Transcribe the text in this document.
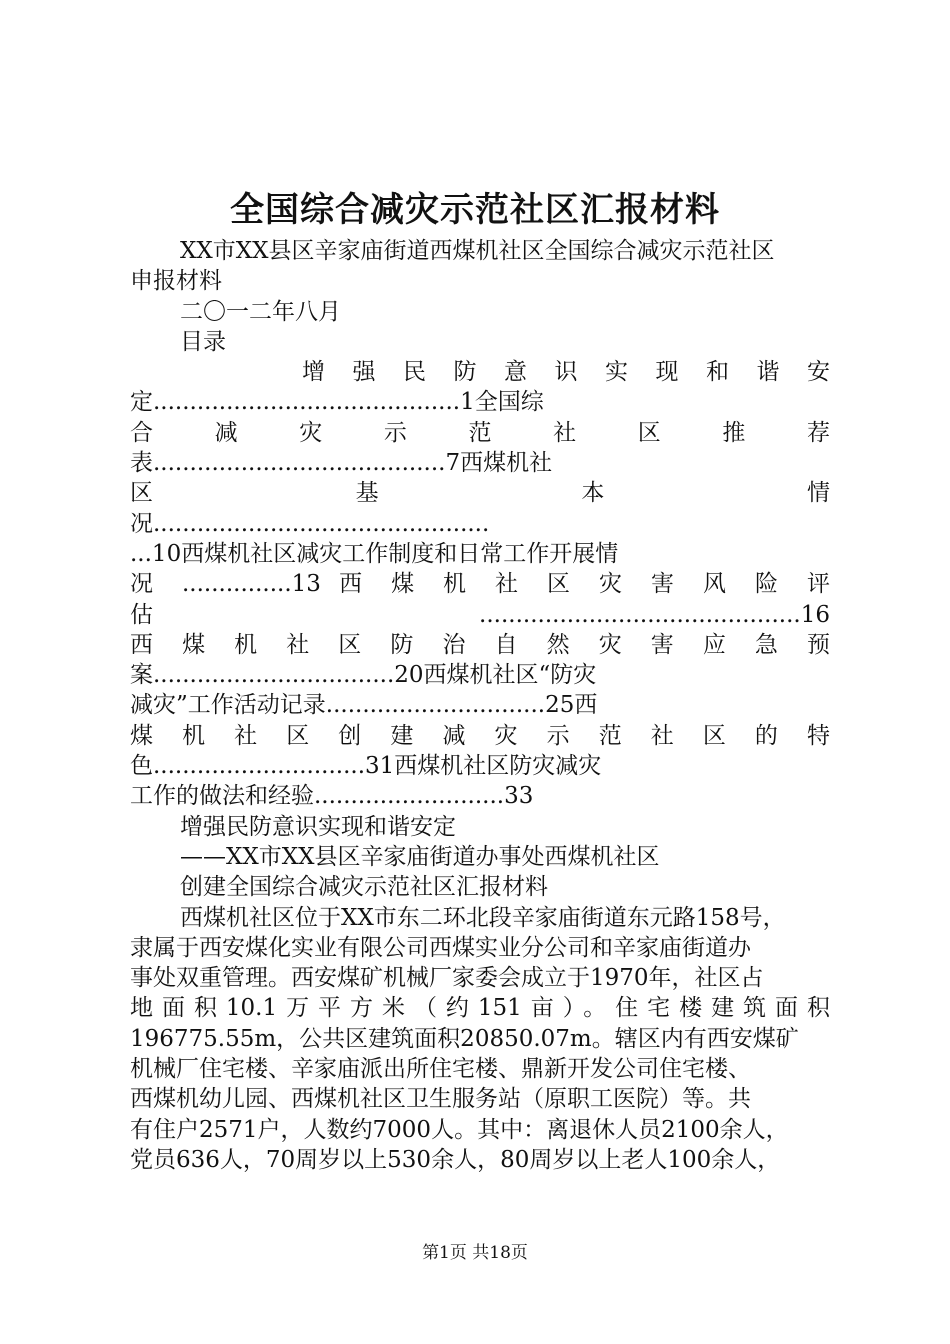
全国综合减灾示范社区汇报材料
XX市XX县区辛家庙街道西煤机社区全国综合减灾示范社区
申报材料
二〇一二年八月
目录
增 强 民 防 意 识 实 现 和 谐 安
定..........................................1全国综
合 减 灾 示 范 社 区 推 荐
表........................................7西煤机社
区 基 本 情
况..............................................
...10西煤机社区减灾工作制度和日常工作开展情
况 ...............13 西 煤 机 社 区 灾 害 风 险 评
估 ............................................16
西 煤 机 社 区 防 治 自 然 灾 害 应 急 预
案.................................20西煤机社区“防灾
减灾”工作活动记录..............................25西
煤 机 社 区 创 建 减 灾 示 范 社 区 的 特
色.............................31西煤机社区防灾减灾
工作的做法和经验..........................33
增强民防意识实现和谐安定
——XX市XX县区辛家庙街道办事处西煤机社区
创建全国综合减灾示范社区汇报材料
西煤机社区位于XX市东二环北段辛家庙街道东元路158号，
隶属于西安煤化实业有限公司西煤实业分公司和辛家庙街道办
事处双重管理。西安煤矿机械厂家委会成立于1970年，社区占
地面积10.1万平方米（约151亩）。住宅楼建筑面积
196775.55m，公共区建筑面积20850.07m。辖区内有西安煤矿
机械厂住宅楼、辛家庙派出所住宅楼、鼎新开发公司住宅楼、
西煤机幼儿园、西煤机社区卫生服务站（原职工医院）等。共
有住户2571户，人数约7000人。其中：离退休人员2100余人，
党员636人，70周岁以上530余人，80周岁以上老人100余人，
第1页 共18页
